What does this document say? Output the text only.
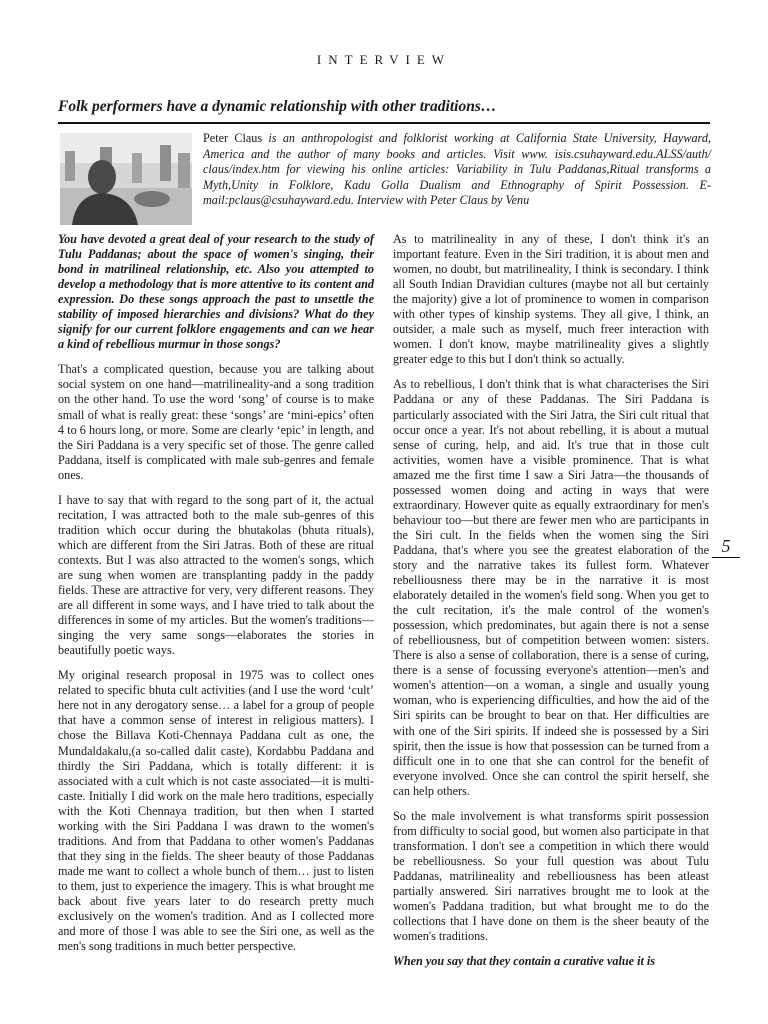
INTERVIEW
Folk performers have a dynamic relationship with other traditions…
Peter Claus is an anthropologist and folklorist working at California State University, Hayward, America and the author of many books and articles. Visit www. isis.csuhayward.edu.ALSS/auth/ claus/index.htm for viewing his online articles: Variability in Tulu Paddanas,Ritual transforms a Myth,Unity in Folklore, Kadu Golla Dualism and Ethnography of Spirit Possession. E-mail:pclaus@csuhayward.edu. Interview with Peter Claus by Venu

You have devoted a great deal of your research to the study of Tulu Paddanas; about the space of women's singing, their bond in matrilineal relationship, etc. Also you attempted to develop a methodology that is more attentive to its content and expression. Do these songs approach the past to unsettle the stability of imposed hierarchies and divisions? What do they signify for our current folklore engagements and can we hear a kind of rebellious murmur in those songs?

That's a complicated question, because you are talking about social system on one hand—matrilineality-and a song tradition on the other hand. To use the word ‘song’ of course is to make small of what is really great: these ‘songs’ are ‘mini-epics’ often 4 to 6 hours long, or more. Some are clearly ‘epic’ in length, and the Siri Paddana is a very specific set of those. The genre called Paddana, itself is complicated with male sub-genres and female ones.

I have to say that with regard to the song part of it, the actual recitation, I was attracted both to the male sub-genres of this tradition which occur during the bhutakolas (bhuta rituals), which are different from the Siri Jatras. Both of these are ritual contexts. But I was also attracted to the women's songs, which are sung when women are transplanting paddy in the paddy fields. These are attractive for very, very different reasons. They are all different in some ways, and I have tried to talk about the differences in some of my articles. But the women's traditions—singing the very same songs—elaborates the stories in beautifully poetic ways.

My original research proposal in 1975 was to collect ones related to specific bhuta cult activities (and I use the word ‘cult’ here not in any derogatory sense… a label for a group of people that have a common sense of interest in religious matters). I chose the Billava Koti-Chennaya Paddana cult as one, the Mundaldakalu,(a so-called dalit caste), Kordabbu Paddana and thirdly the Siri Paddana, which is totally different: it is associated with a cult which is not caste associated—it is multi-caste. Initially I did work on the male hero traditions, especially with the Koti Chennaya tradition, but then when I started working with the Siri Paddana I was drawn to the women's traditions. And from that Paddana to other women's Paddanas that they sing in the fields. The sheer beauty of those Paddanas made me want to collect a whole bunch of them… just to listen to them, just to experience the imagery. This is what brought me back about five years later to do research pretty much exclusively on the women's tradition. And as I collected more and more of those I was able to see the Siri one, as well as the men's song traditions in much better perspective.

As to matrilineality in any of these, I don't think it's an important feature. Even in the Siri tradition, it is about men and women, no doubt, but matrilineality, I think is secondary. I think all South Indian Dravidian cultures (maybe not all but certainly the majority) give a lot of prominence to women in comparison with other types of kinship systems. They all give, I think, an outsider, a male such as myself, much freer interaction with women. I don't know, maybe matrilineality gives a slightly greater edge to this but I don't think so actually.

As to rebellious, I don't think that is what characterises the Siri Paddana or any of these Paddanas. The Siri Paddana is particularly associated with the Siri Jatra, the Siri cult ritual that occur once a year. It's not about rebelling, it is about a mutual sense of curing, help, and aid. It's true that in those cult activities, women have a visible prominence. That is what amazed me the first time I saw a Siri Jatra—the thousands of possessed women doing and acting in ways that were extraordinary. However quite as equally extraordinary for men's behaviour too—but there are fewer men who are participants in the Siri cult. In the fields when the women sing the Siri Paddana, that's where you see the greatest elaboration of the story and the narrative takes its fullest form. Whatever rebelliousness there may be in the narrative it is most elaborately detailed in the women's field song. When you get to the cult recitation, it's the male control of the women's possession, which predominates, but again there is not a sense of rebelliousness, but of competition between women: sisters. There is also a sense of collaboration, there is a sense of curing, there is a sense of focussing everyone's attention—men's and women's attention—on a woman, a single and usually young woman, who is experiencing difficulties, and how the aid of the Siri spirits can be brought to bear on that. Her difficulties are with one of the Siri spirits. If indeed she is possessed by a Siri spirit, then the issue is how that possession can be turned from a difficult one in to one that she can control for the benefit of everyone involved. Once she can control the spirit herself, she can help others.

So the male involvement is what transforms spirit possession from difficulty to social good, but women also participate in that transformation. I don't see a competition in which there would be rebelliousness. So your full question was about Tulu Paddanas, matrilineality and rebelliousness has been atleast partially answered. Siri narratives brought me to look at the women's Paddana tradition, but what brought me to do the collections that I have done on them is the sheer beauty of the women's traditions.

When you say that they contain a curative value it is

5
